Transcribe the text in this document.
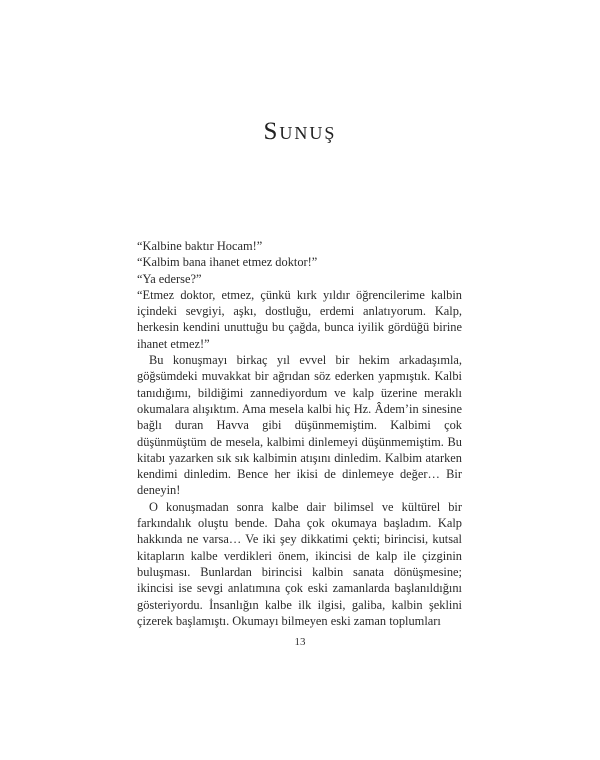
Sunuş

“Kalbine baktır Hocam!”

“Kalbim bana ihanet etmez doktor!”

“Ya ederse?”

“Etmez doktor, etmez, çünkü kırk yıldır öğrencilerime kalbin içindeki sevgiyi, aşkı, dostluğu, erdemi anlatıyorum. Kalp, herkesin kendini unuttuğu bu çağda, bunca iyilik gördüğü birine ihanet etmez!”

Bu konuşmayı birkaç yıl evvel bir hekim arkadaşımla, göğsümdeki muvakkat bir ağrıdan söz ederken yapmıştık. Kalbi tanıdığımı, bildiğimi zannediyordum ve kalp üzerine meraklı okumalara alışıktım. Ama mesela kalbi hiç Hz. Âdem’in sinesine bağlı duran Havva gibi düşünmemiştim. Kalbimi çok düşünmüştüm de mesela, kalbimi dinlemeyi düşünmemiştim. Bu kitabı yazarken sık sık kalbimin atışını dinledim. Kalbim atarken kendimi dinledim. Bence her ikisi de dinlemeye değer… Bir deneyin!

O konuşmadan sonra kalbe dair bilimsel ve kültürel bir farkındalık oluştu bende. Daha çok okumaya başladım. Kalp hakkında ne varsa… Ve iki şey dikkatimi çekti; birincisi, kutsal kitapların kalbe verdikleri önem, ikincisi de kalp ile çizginin buluşması. Bunlardan birincisi kalbin sanata dönüşmesine; ikincisi ise sevgi anlatımına çok eski zamanlarda başlanıldığını gösteriyordu. İnsanlığın kalbe ilk ilgisi, galiba, kalbin şeklini çizerek başlamıştı. Okumayı bilmeyen eski zaman toplumları

13
